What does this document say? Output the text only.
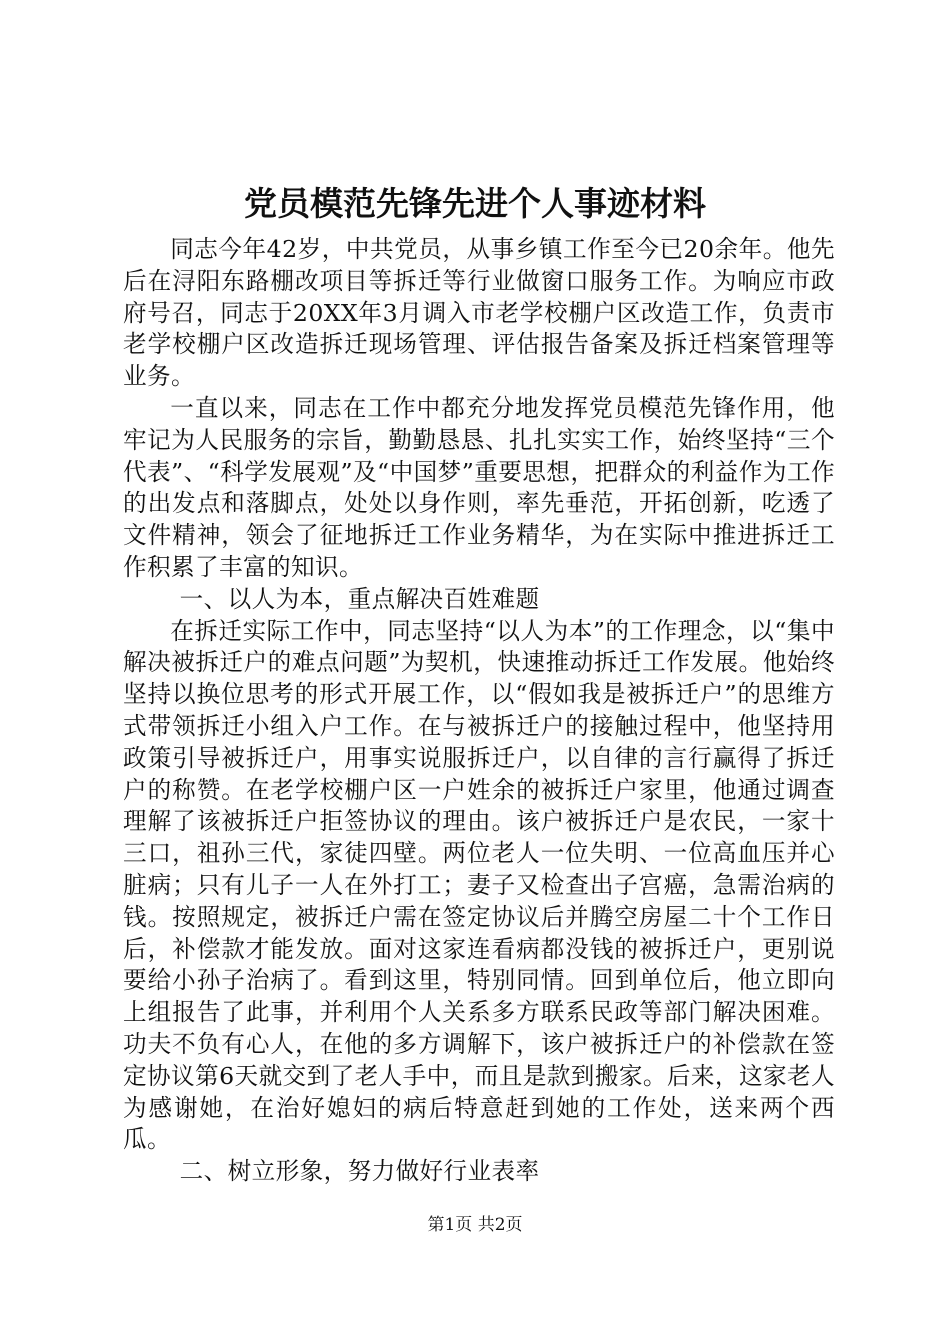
党员模范先锋先进个人事迹材料

同志今年42岁，中共党员，从事乡镇工作至今已20余年。他先后在浔阳东路棚改项目等拆迁等行业做窗口服务工作。为响应市政府号召，同志于20XX年3月调入市老学校棚户区改造工作，负责市老学校棚户区改造拆迁现场管理、评估报告备案及拆迁档案管理等业务。

一直以来，同志在工作中都充分地发挥党员模范先锋作用，他牢记为人民服务的宗旨，勤勤恳恳、扎扎实实工作，始终坚持“三个代表”、“科学发展观”及“中国梦”重要思想，把群众的利益作为工作的出发点和落脚点，处处以身作则，率先垂范，开拓创新，吃透了文件精神，领会了征地拆迁工作业务精华，为在实际中推进拆迁工作积累了丰富的知识。

一、以人为本，重点解决百姓难题

在拆迁实际工作中，同志坚持“以人为本”的工作理念，以“集中解决被拆迁户的难点问题”为契机，快速推动拆迁工作发展。他始终坚持以换位思考的形式开展工作，以“假如我是被拆迁户”的思维方式带领拆迁小组入户工作。在与被拆迁户的接触过程中，他坚持用政策引导被拆迁户，用事实说服拆迁户，以自律的言行赢得了拆迁户的称赞。在老学校棚户区一户姓余的被拆迁户家里，他通过调查理解了该被拆迁户拒签协议的理由。该户被拆迁户是农民，一家十三口，祖孙三代，家徒四壁。两位老人一位失明、一位高血压并心脏病；只有儿子一人在外打工；妻子又检查出子宫癌，急需治病的钱。按照规定，被拆迁户需在签定协议后并腾空房屋二十个工作日后，补偿款才能发放。面对这家连看病都没钱的被拆迁户，更别说要给小孙子治病了。看到这里，特别同情。回到单位后，他立即向上组报告了此事，并利用个人关系多方联系民政等部门解决困难。功夫不负有心人，在他的多方调解下，该户被拆迁户的补偿款在签定协议第6天就交到了老人手中，而且是款到搬家。后来，这家老人为感谢她，在治好媳妇的病后特意赶到她的工作处，送来两个西瓜。

二、树立形象，努力做好行业表率

第1页 共2页
